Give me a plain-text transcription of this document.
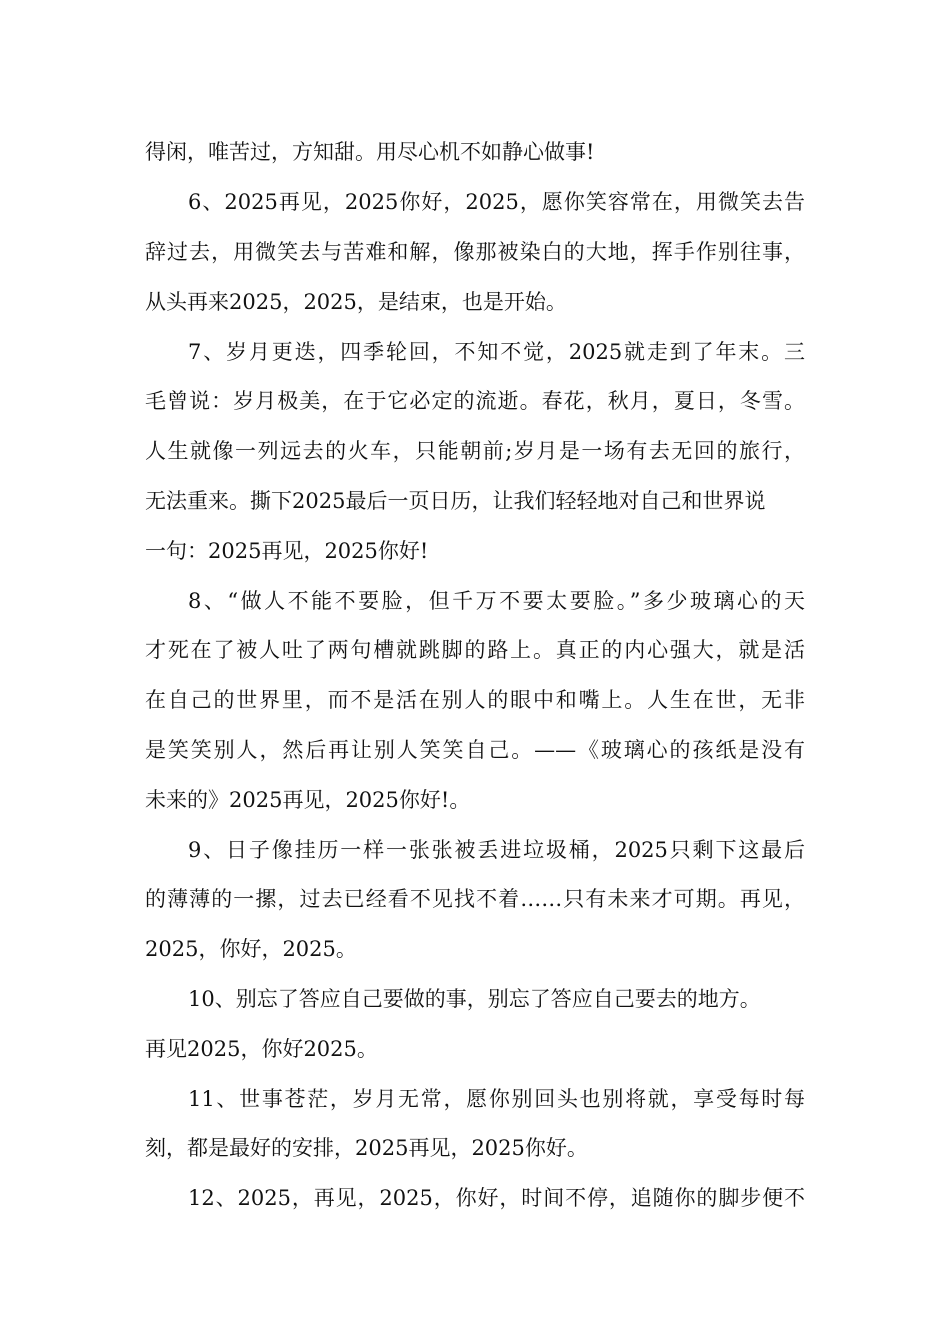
得闲，唯苦过，方知甜。用尽心机不如静心做事!

6、2025再见，2025你好，2025，愿你笑容常在，用微笑去告

辞过去，用微笑去与苦难和解，像那被染白的大地，挥手作别往事，

从头再来2025，2025，是结束，也是开始。

7、岁月更迭，四季轮回，不知不觉，2025就走到了年末。三

毛曾说：岁月极美，在于它必定的流逝。春花，秋月，夏日，冬雪。

人生就像一列远去的火车，只能朝前;岁月是一场有去无回的旅行，

无法重来。撕下2025最后一页日历，让我们轻轻地对自己和世界说

一句：2025再见，2025你好!

8、“做人不能不要脸，但千万不要太要脸。”多少玻璃心的天

才死在了被人吐了两句槽就跳脚的路上。真正的内心强大，就是活

在自己的世界里，而不是活在别人的眼中和嘴上。人生在世，无非

是笑笑别人，然后再让别人笑笑自己。——《玻璃心的孩纸是没有

未来的》2025再见，2025你好!。

9、日子像挂历一样一张张被丢进垃圾桶，2025只剩下这最后

的薄薄的一摞，过去已经看不见找不着……只有未来才可期。再见，

2025，你好，2025。

10、别忘了答应自己要做的事，别忘了答应自己要去的地方。

再见2025，你好2025。

11、世事苍茫，岁月无常，愿你别回头也别将就，享受每时每

刻，都是最好的安排，2025再见，2025你好。

12、2025，再见，2025，你好，时间不停，追随你的脚步便不
